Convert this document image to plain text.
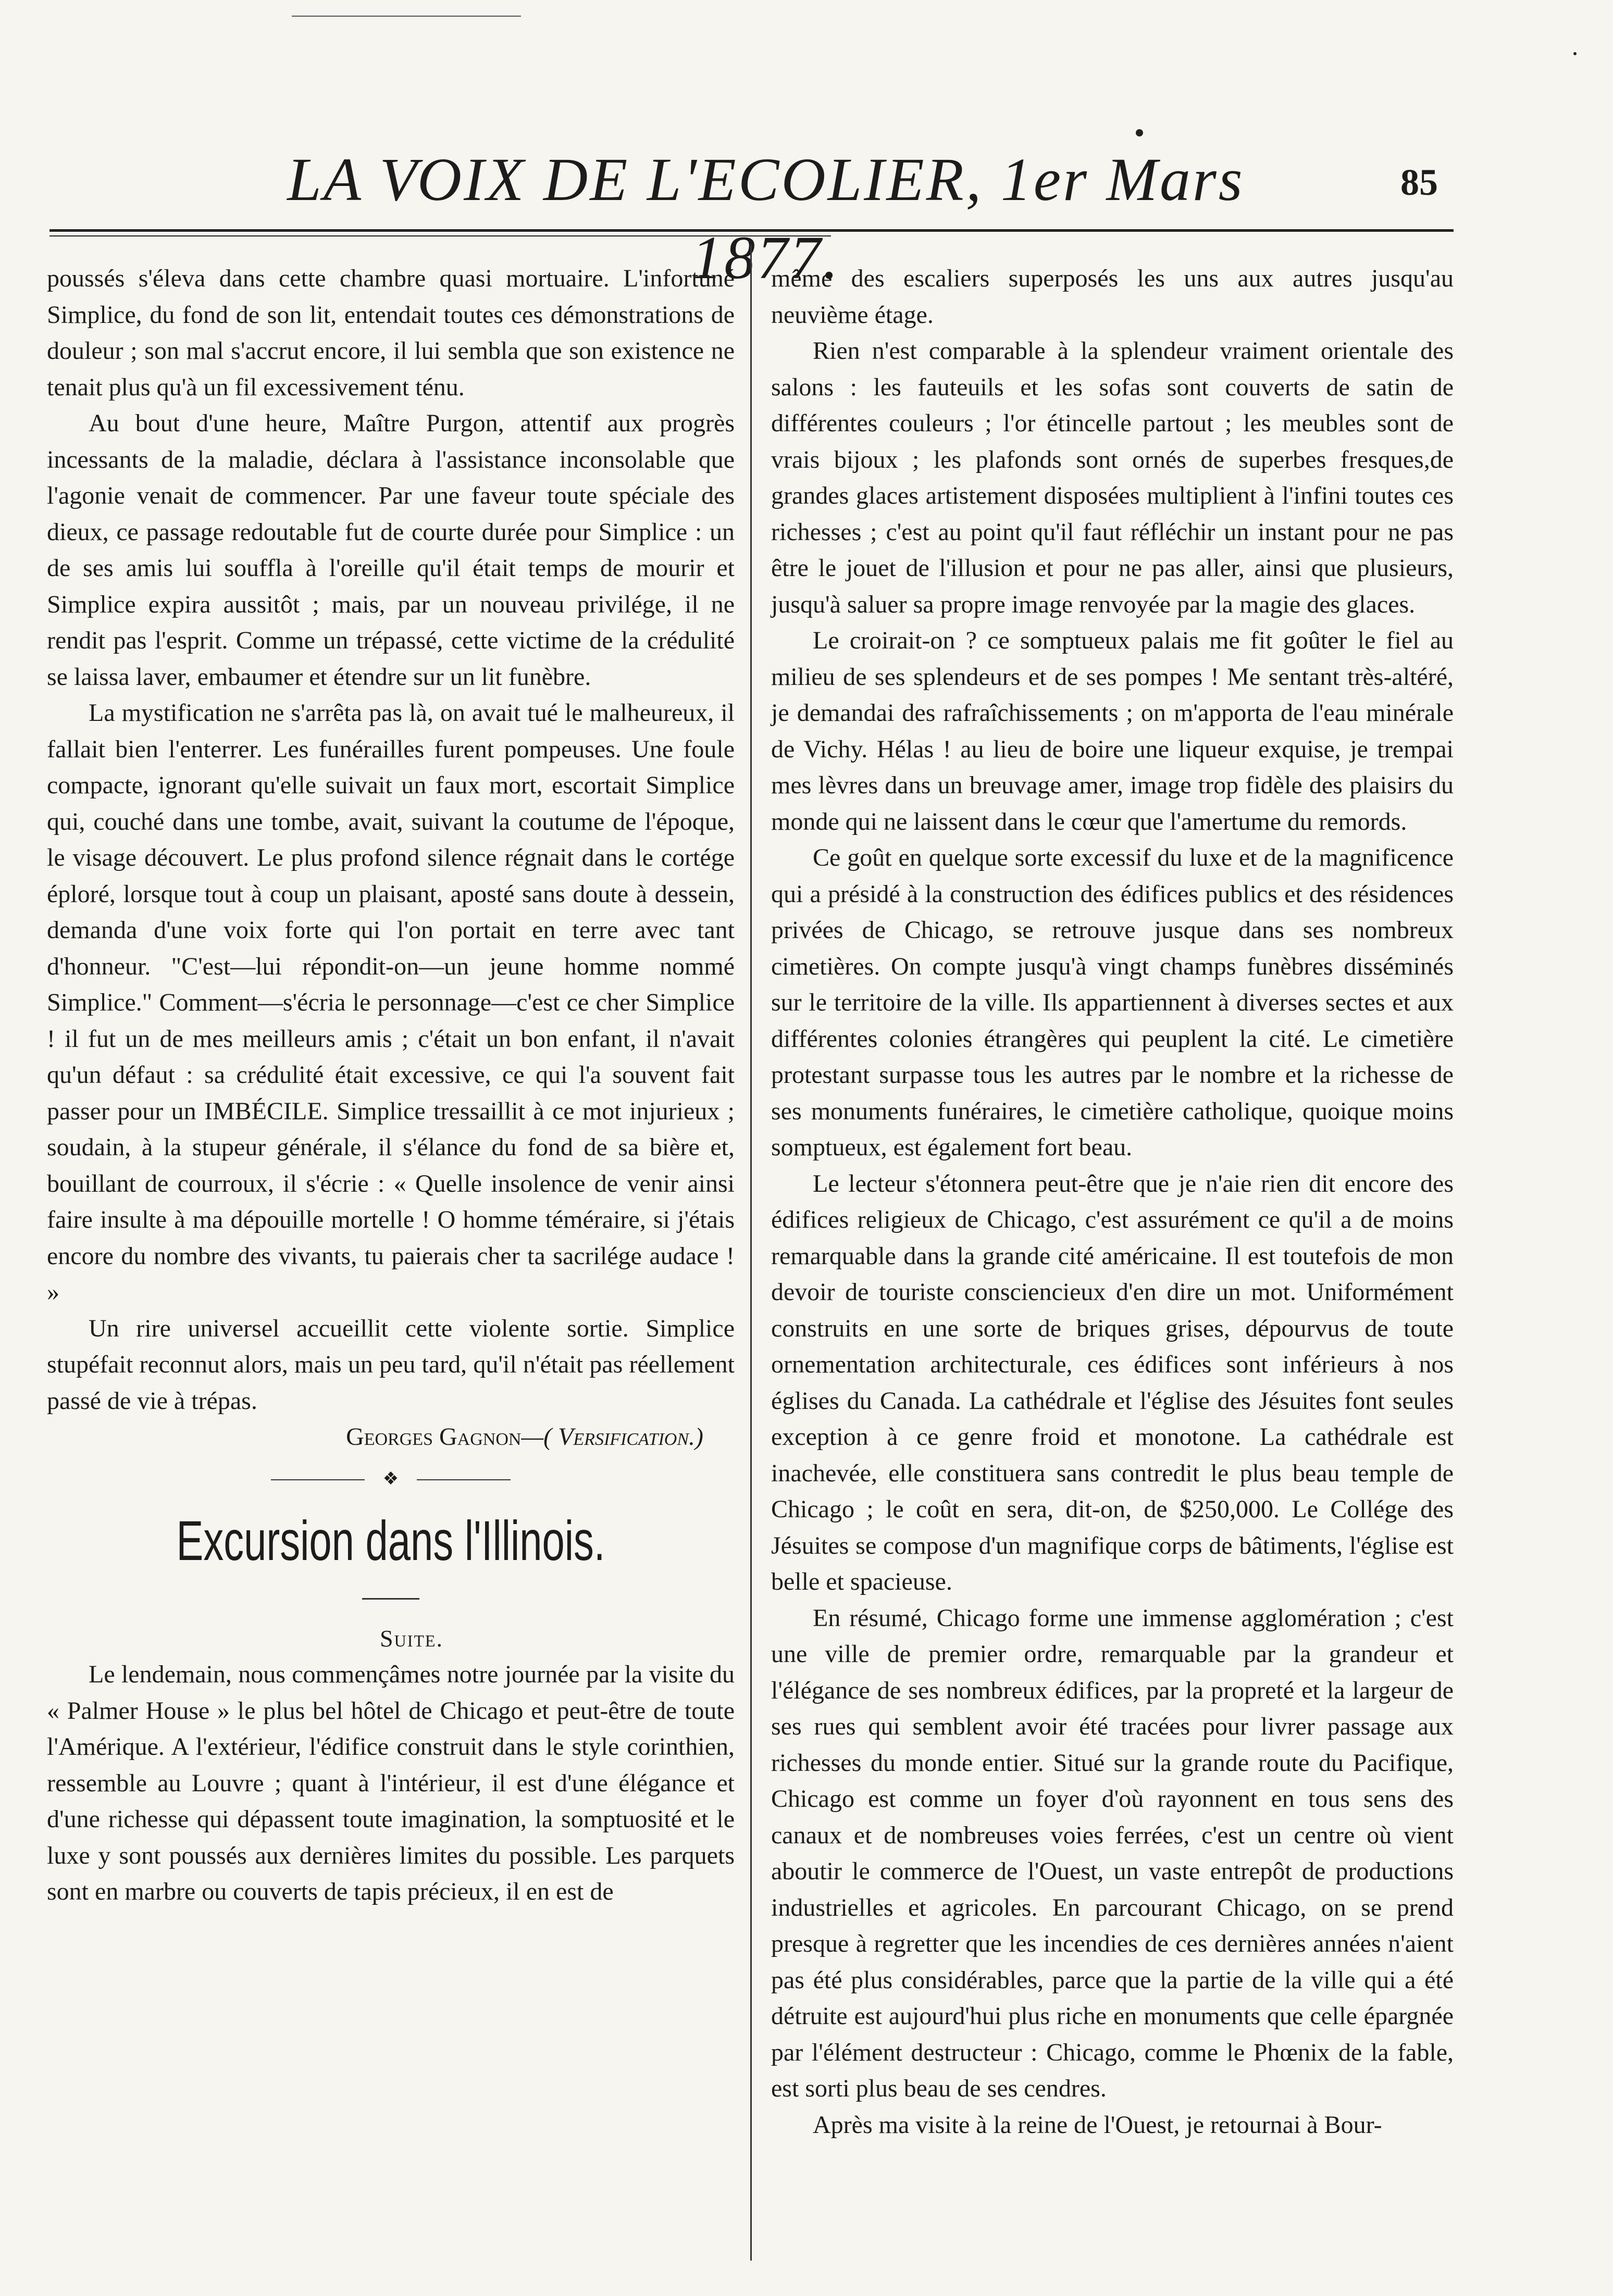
LA VOIX DE L'ECOLIER, 1er Mars 1877.
85

poussés s'éleva dans cette chambre quasi mortuaire. L'infortuné Simplice, du fond de son lit, entendait toutes ces démonstrations de douleur ; son mal s'accrut encore, il lui sembla que son existence ne tenait plus qu'à un fil excessivement ténu.

Au bout d'une heure, Maître Purgon, attentif aux progrès incessants de la maladie, déclara à l'assistance inconsolable que l'agonie venait de commencer. Par une faveur toute spéciale des dieux, ce passage redoutable fut de courte durée pour Simplice : un de ses amis lui souffla à l'oreille qu'il était temps de mourir et Simplice expira aussitôt ; mais, par un nouveau privilége, il ne rendit pas l'esprit. Comme un trépassé, cette victime de la crédulité se laissa laver, embaumer et étendre sur un lit funèbre.

La mystification ne s'arrêta pas là, on avait tué le malheureux, il fallait bien l'enterrer. Les funérailles furent pompeuses. Une foule compacte, ignorant qu'elle suivait un faux mort, escortait Simplice qui, couché dans une tombe, avait, suivant la coutume de l'époque, le visage découvert. Le plus profond silence régnait dans le cortége éploré, lorsque tout à coup un plaisant, aposté sans doute à dessein, demanda d'une voix forte qui l'on portait en terre avec tant d'honneur. "C'est—lui répondit-on—un jeune homme nommé Simplice." Comment—s'écria le personnage—c'est ce cher Simplice ! il fut un de mes meilleurs amis ; c'était un bon enfant, il n'avait qu'un défaut : sa crédulité était excessive, ce qui l'a souvent fait passer pour un IMBÉCILE. Simplice tressaillit à ce mot injurieux ; soudain, à la stupeur générale, il s'élance du fond de sa bière et, bouillant de courroux, il s'écrie : « Quelle insolence de venir ainsi faire insulte à ma dépouille mortelle ! O homme téméraire, si j'étais encore du nombre des vivants, tu paierais cher ta sacrilége audace ! »

Un rire universel accueillit cette violente sortie. Simplice stupéfait reconnut alors, mais un peu tard, qu'il n'était pas réellement passé de vie à trépas.

Georges Gagnon—( Versification.)

❖
Excursion dans l'Illinois.

Suite.

Le lendemain, nous commençâmes notre journée par la visite du « Palmer House » le plus bel hôtel de Chicago et peut-être de toute l'Amérique. A l'extérieur, l'édifice construit dans le style corinthien, ressemble au Louvre ; quant à l'intérieur, il est d'une élégance et d'une richesse qui dépassent toute imagination, la somptuosité et le luxe y sont poussés aux dernières limites du possible. Les parquets sont en marbre ou couverts de tapis précieux, il en est de

même des escaliers superposés les uns aux autres jusqu'au neuvième étage.

Rien n'est comparable à la splendeur vraiment orientale des salons : les fauteuils et les sofas sont couverts de satin de différentes couleurs ; l'or étincelle partout ; les meubles sont de vrais bijoux ; les plafonds sont ornés de superbes fresques,de grandes glaces artistement disposées multiplient à l'infini toutes ces richesses ; c'est au point qu'il faut réfléchir un instant pour ne pas être le jouet de l'illusion et pour ne pas aller, ainsi que plusieurs, jusqu'à saluer sa propre image renvoyée par la magie des glaces.

Le croirait-on ? ce somptueux palais me fit goûter le fiel au milieu de ses splendeurs et de ses pompes ! Me sentant très-altéré, je demandai des rafraîchissements ; on m'apporta de l'eau minérale de Vichy. Hélas ! au lieu de boire une liqueur exquise, je trempai mes lèvres dans un breuvage amer, image trop fidèle des plaisirs du monde qui ne laissent dans le cœur que l'amertume du remords.

Ce goût en quelque sorte excessif du luxe et de la magnificence qui a présidé à la construction des édifices publics et des résidences privées de Chicago, se retrouve jusque dans ses nombreux cimetières. On compte jusqu'à vingt champs funèbres disséminés sur le territoire de la ville. Ils appartiennent à diverses sectes et aux différentes colonies étrangères qui peuplent la cité. Le cimetière protestant surpasse tous les autres par le nombre et la richesse de ses monuments funéraires, le cimetière catholique, quoique moins somptueux, est également fort beau.

Le lecteur s'étonnera peut-être que je n'aie rien dit encore des édifices religieux de Chicago, c'est assurément ce qu'il a de moins remarquable dans la grande cité américaine. Il est toutefois de mon devoir de touriste consciencieux d'en dire un mot. Uniformément construits en une sorte de briques grises, dépourvus de toute ornementation architecturale, ces édifices sont inférieurs à nos églises du Canada. La cathédrale et l'église des Jésuites font seules exception à ce genre froid et monotone. La cathédrale est inachevée, elle constituera sans contredit le plus beau temple de Chicago ; le coût en sera, dit-on, de $250,000. Le Collége des Jésuites se compose d'un magnifique corps de bâtiments, l'église est belle et spacieuse.

En résumé, Chicago forme une immense agglomération ; c'est une ville de premier ordre, remarquable par la grandeur et l'élégance de ses nombreux édifices, par la propreté et la largeur de ses rues qui semblent avoir été tracées pour livrer passage aux richesses du monde entier. Situé sur la grande route du Pacifique, Chicago est comme un foyer d'où rayonnent en tous sens des canaux et de nombreuses voies ferrées, c'est un centre où vient aboutir le commerce de l'Ouest, un vaste entrepôt de productions industrielles et agricoles. En parcourant Chicago, on se prend presque à regretter que les incendies de ces dernières années n'aient pas été plus considérables, parce que la partie de la ville qui a été détruite est aujourd'hui plus riche en monuments que celle épargnée par l'élément destructeur : Chicago, comme le Phœnix de la fable, est sorti plus beau de ses cendres.

Après ma visite à la reine de l'Ouest, je retournai à Bour-
